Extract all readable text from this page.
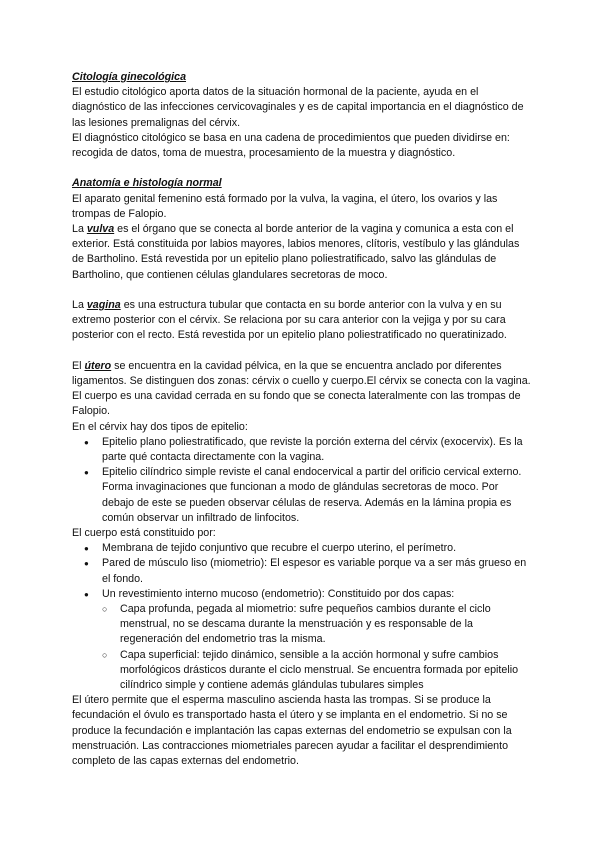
Citología ginecológica

El estudio citológico aporta datos de la situación hormonal de la paciente, ayuda en el diagnóstico de las infecciones cervicovaginales y es de capital importancia en el diagnóstico de las lesiones premalignas del cérvix.

El diagnóstico citológico se basa en una cadena de procedimientos que pueden dividirse en: recogida de datos, toma de muestra, procesamiento de la muestra y diagnóstico.

Anatomía e histología normal

El aparato genital femenino está formado por la vulva, la vagina, el útero, los ovarios y las trompas de Falopio.

La vulva es el órgano que se conecta al borde anterior de la vagina y comunica a esta con el exterior. Está constituida por labios mayores, labios menores, clítoris, vestíbulo y las glándulas de Bartholino. Está revestida por un epitelio plano poliestratificado, salvo las glándulas de Bartholino, que contienen células glandulares secretoras de moco.

La vagina es una estructura tubular que contacta en su borde anterior con la vulva y en su extremo posterior con el cérvix. Se relaciona por su cara anterior con la vejiga y por su cara posterior con el recto. Está revestida por un epitelio plano poliestratificado no queratinizado.

El útero se encuentra en la cavidad pélvica, en la que se encuentra anclado por diferentes ligamentos. Se distinguen dos zonas: cérvix o cuello y cuerpo.El cérvix se conecta con la vagina. El cuerpo es una cavidad cerrada en su fondo que se conecta lateralmente con las trompas de Falopio.

En el cérvix hay dos tipos de epitelio:

● Epitelio plano poliestratificado, que reviste la porción externa del cérvix (exocervix). Es la parte qué contacta directamente con la vagina.
● Epitelio cilíndrico simple reviste el canal endocervical a partir del orificio cervical externo. Forma invaginaciones que funcionan a modo de glándulas secretoras de moco. Por debajo de este se pueden observar células de reserva. Además en la lámina propia es común observar un infiltrado de linfocitos.

El cuerpo está constituido por:

● Membrana de tejido conjuntivo que recubre el cuerpo uterino, el perímetro.
● Pared de músculo liso (miometrio): El espesor es variable porque va a ser más grueso en el fondo.
● Un revestimiento interno mucoso (endometrio): Constituido por dos capas:
○ Capa profunda, pegada al miometrio: sufre pequeños cambios durante el ciclo menstrual, no se descama durante la menstruación y es responsable de la regeneración del endometrio tras la misma.
○ Capa superficial: tejido dinámico, sensible a la acción hormonal y sufre cambios morfológicos drásticos durante el ciclo menstrual. Se encuentra formada por epitelio cilíndrico simple y contiene además glándulas tubulares simples

El útero permite que el esperma masculino ascienda hasta las trompas. Si se produce la fecundación el óvulo es transportado hasta el útero y se implanta en el endometrio. Si no se produce la fecundación e implantación las capas externas del endometrio se expulsan con la menstruación. Las contracciones miometriales parecen ayudar a facilitar el desprendimiento completo de las capas externas del endometrio.
